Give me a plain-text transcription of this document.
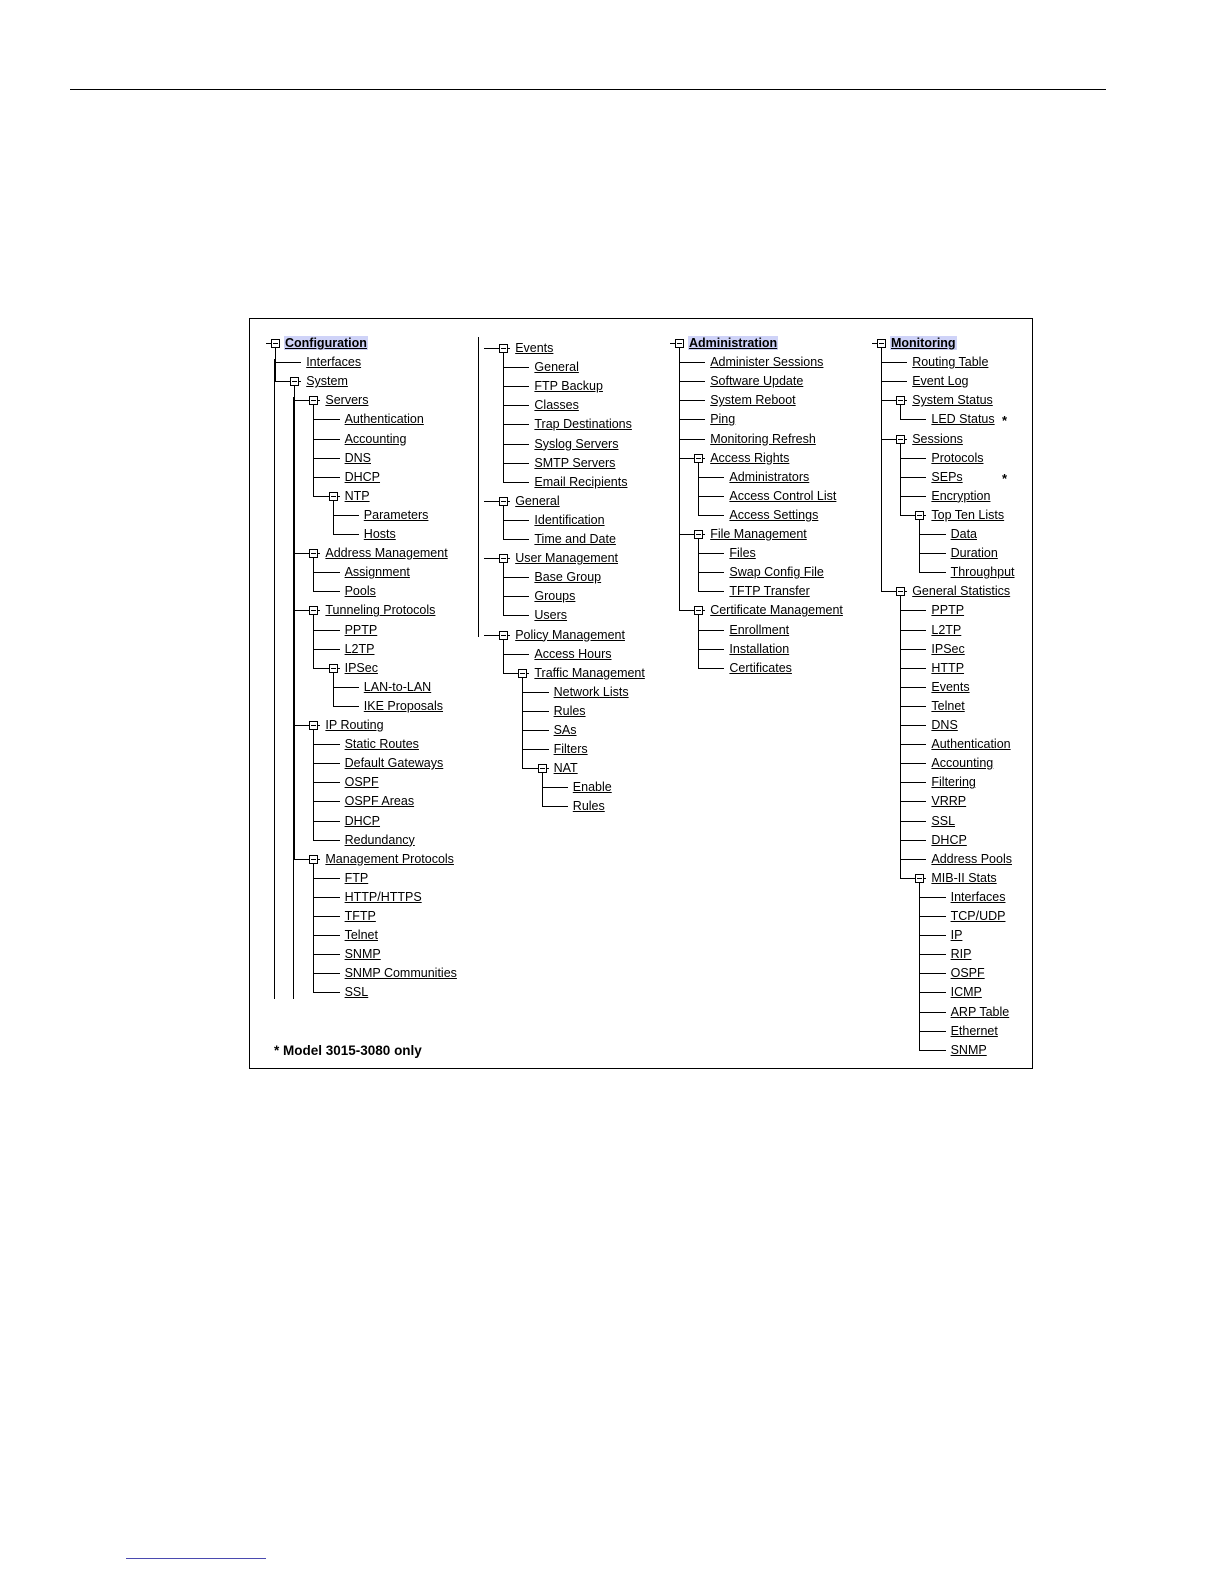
Configuration
Interfaces
System
Servers
Authentication
Accounting
DNS
DHCP
NTP
Parameters
Hosts
Address Management
Assignment
Pools
Tunneling Protocols
PPTP
L2TP
IPSec
LAN-to-LAN
IKE Proposals
IP Routing
Static Routes
Default Gateways
OSPF
OSPF Areas
DHCP
Redundancy
Management Protocols
FTP
HTTP/HTTPS
TFTP
Telnet
SNMP
SNMP Communities
SSL
Events
General
FTP Backup
Classes
Trap Destinations
Syslog Servers
SMTP Servers
Email Recipients
General
Identification
Time and Date
User Management
Base Group
Groups
Users
Policy Management
Access Hours
Traffic Management
Network Lists
Rules
SAs
Filters
NAT
Enable
Rules
Administration
Administer Sessions
Software Update
System Reboot
Ping
Monitoring Refresh
Access Rights
Administrators
Access Control List
Access Settings
File Management
Files
Swap Config File
TFTP Transfer
Certificate Management
Enrollment
Installation
Certificates
Monitoring
Routing Table
Event Log
System Status
LED Status *
Sessions
Protocols
SEPs	*
Encryption
Top Ten Lists
Data
Duration
Throughput
General Statistics
PPTP
L2TP
IPSec
HTTP
Events
Telnet
DNS
Authentication
Accounting
Filtering
VRRP
SSL
DHCP
Address Pools
MIB-II Stats
Interfaces
TCP/UDP
IP
RIP
OSPF
ICMP
ARP Table
Ethernet
SNMP
* Model 3015-3080 only
